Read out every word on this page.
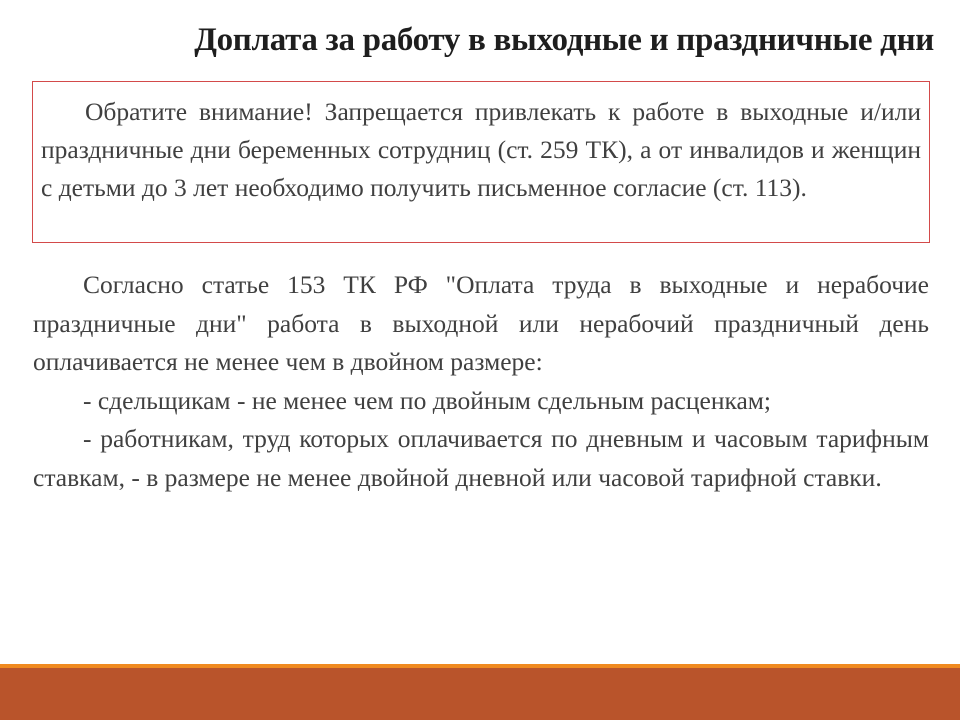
Доплата за работу в выходные и праздничные дни

Обратите внимание! Запрещается привлекать к работе в выходные и/или праздничные дни беременных сотрудниц (ст. 259 ТК), а от инвалидов и женщин с детьми до 3 лет необходимо получить письменное согласие (ст. 113).

Согласно статье 153 ТК РФ "Оплата труда в выходные и нерабочие праздничные дни" работа в выходной или нерабочий праздничный день оплачивается не менее чем в двойном размере:

- сдельщикам - не менее чем по двойным сдельным расценкам;

- работникам, труд которых оплачивается по дневным и часовым тарифным ставкам, - в размере не менее двойной дневной или часовой тарифной ставки.
